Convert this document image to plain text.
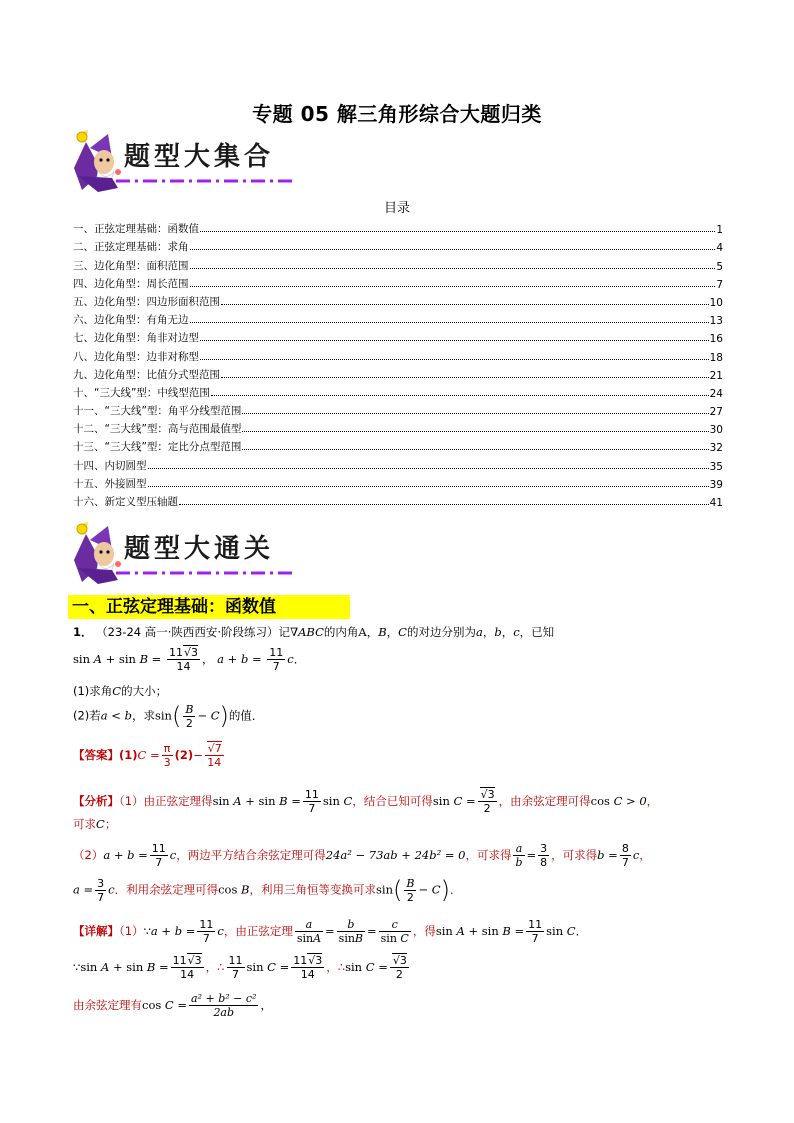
专题 05 解三角形综合大题归类
题型大集合
目录
一、正弦定理基础：函数值	1
二、正弦定理基础：求角	4
三、边化角型：面积范围	5
四、边化角型：周长范围	7
五、边化角型：四边形面积范围	10
六、边化角型：有角无边	13
七、边化角型：角非对边型	16
八、边化角型：边非对称型	18
九、边化角型：比值分式型范围	21
十、“三大线”型：中线型范围	24
十一、“三大线”型：角平分线型范围	27
十二、“三大线”型：高与范围最值型	30
十三、“三大线”型：定比分点型范围	32
十四、内切圆型	35
十五、外接圆型	39
十六、新定义型压轴题	41
题型大通关
一、正弦定理基础：函数值
1． （23-24 高一·陕西西安·阶段练习）记∇ABC的内角A，B，C的对边分别为a，b，c，已知
$\sin A + \sin B = \frac{11√3}{14}$ ， $a + b = \frac{11}{7}$ c．
(1)求角C的大小；
(2)若a < b，求$\sin( \frac{B}{2} - C)$的值．
【答案】$(1)C = \frac{\pi}{3} (2)- \frac{√7}{14}$
【分析】（1）由正弦定理得$\sin A + \sin B = \frac{11}{7}$ sin C，结合已知可得$\sin C = \frac{√3}{2}$ ，由余弦定理可得cos C > 0，
可求C；
$(2)a + b = \frac{11}{7}$ c，两边平方结合余弦定理可得24a² − 73ab + 24b² = 0，可求得 $\frac{a}{b} = \frac{3}{8}$ ，可求得$b = \frac{8}{7}$ c，
$a = \frac{3}{7}$ c．利用余弦定理可得cos B，利用三角恒等变换可求$\sin( \frac{B}{2} - C)$．
【详解】（1）∵a + $b = \frac{11}{7}$ c，由正弦定理 $\frac{a}{\sin A} = \frac{b}{\sin B} = \frac{c}{\text{sin C}}$ ，得$\sin A + \sin B = \frac{11}{7}$ sin C．
∵sin $A + \sin B = \frac{11√3}{14}$ ，∴ $\frac{11}{7}$ $\sin C = \frac{11√3}{14}$ ，∴sin $C = \frac{√3}{2}$
由余弦定理有$\cos C = \frac{\text{a² + b² − c²}}{2ab}$ ，
